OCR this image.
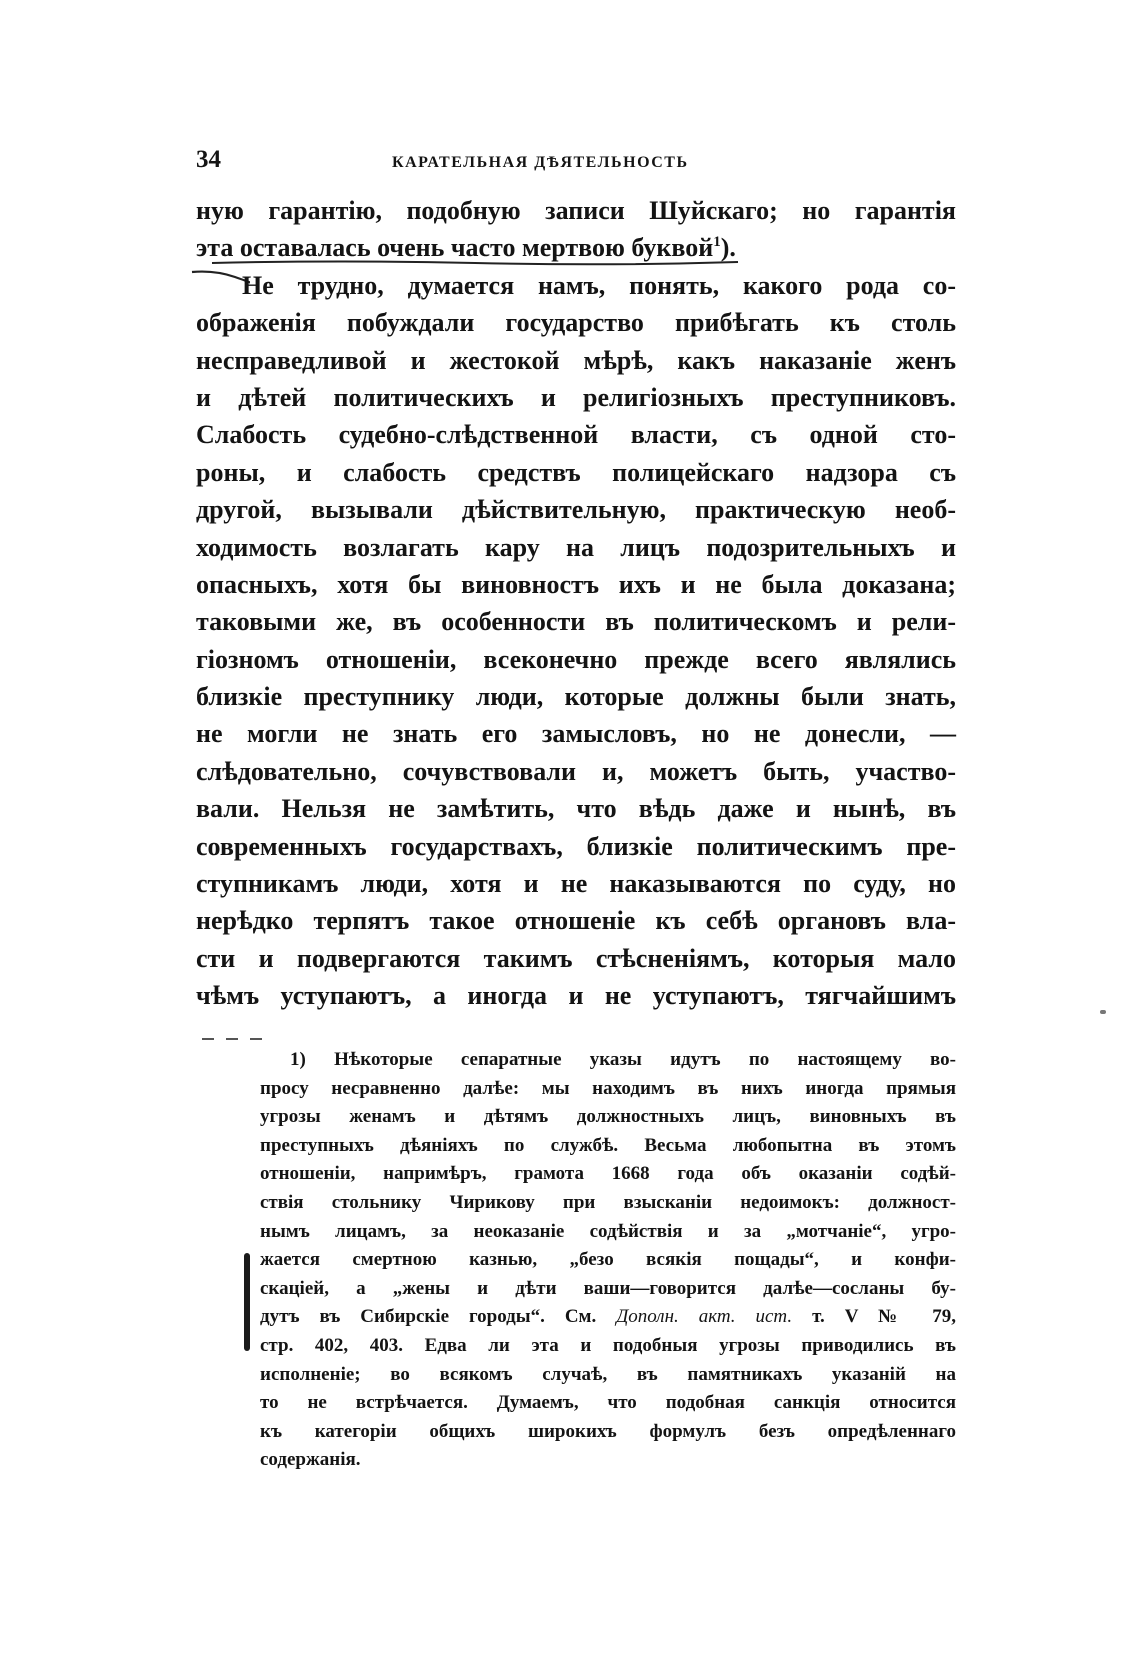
34	КАРАТЕЛЬНАЯ ДѢЯТЕЛЬНОСТЬ
ную гарантію, подобную записи Шуйскаго; но гарантія
эта оставалась очень часто мертвою буквой$^1$).
Не трудно, думается намъ, понять, какого рода со-
ображенія побуждали государство прибѣгать къ столь
несправедливой и жестокой мѣрѣ, какъ наказаніе женъ
и дѣтей политическихъ и религіозныхъ преступниковъ.
Слабость судебно-слѣдственной власти, съ одной сто-
роны, и слабость средствъ полицейскаго надзора съ
другой, вызывали дѣйствительную, практическую необ-
ходимость возлагать кару на лицъ подозрительныхъ и
опасныхъ, хотя бы виновностъ ихъ и не была доказана;
таковыми же, въ особенности въ политическомъ и рели-
гіозномъ отношеніи, всеконечно прежде всего являлись
близкіе преступнику люди, которые должны были знать,
не могли не знать его замысловъ, но не донесли, —
слѣдовательно, сочувствовали и, можетъ быть, участво-
вали. Нельзя не замѣтить, что вѣдь даже и нынѣ, въ
современныхъ государствахъ, близкіе политическимъ пре-
ступникамъ люди, хотя и не наказываются по суду, но
нерѣдко терпятъ такое отношеніе къ себѣ органовъ вла-
сти и подвергаются такимъ стѣсненіямъ, которыя мало
чѣмъ уступаютъ, а иногда и не уступаютъ, тягчайшимъ
1) Нѣкоторые сепаратные указы идутъ по настоящему во-
просу несравненно далѣе: мы находимъ въ нихъ иногда прямыя
угрозы женамъ и дѣтямъ должностныхъ лицъ, виновныхъ въ
преступныхъ дѣяніяхъ по службѣ. Весьма любопытна въ этомъ
отношеніи, напримѣръ, грамота 1668 года объ оказаніи содѣй-
ствія стольнику Чирикову при взысканіи недоимокъ: должност-
нымъ лицамъ, за неоказаніе содѣйствія и за „мотчаніе“, угро-
жается смертною казнью, „безо всякія пощады“, и конфи-
скаціей, а „жены и дѣти ваши—говорится далѣе—сосланы бу-
дутъ въ Сибирскіе городы“. См. Дополн. акт. ист. т. V № 79,
стр. 402, 403. Едва ли эта и подобныя угрозы приводились въ
исполненіе; во всякомъ случаѣ, въ памятникахъ указаній на
то не встрѣчается. Думаемъ, что подобная санкція относится
къ категоріи общихъ широкихъ формулъ безъ опредѣленнаго
содержанія.
